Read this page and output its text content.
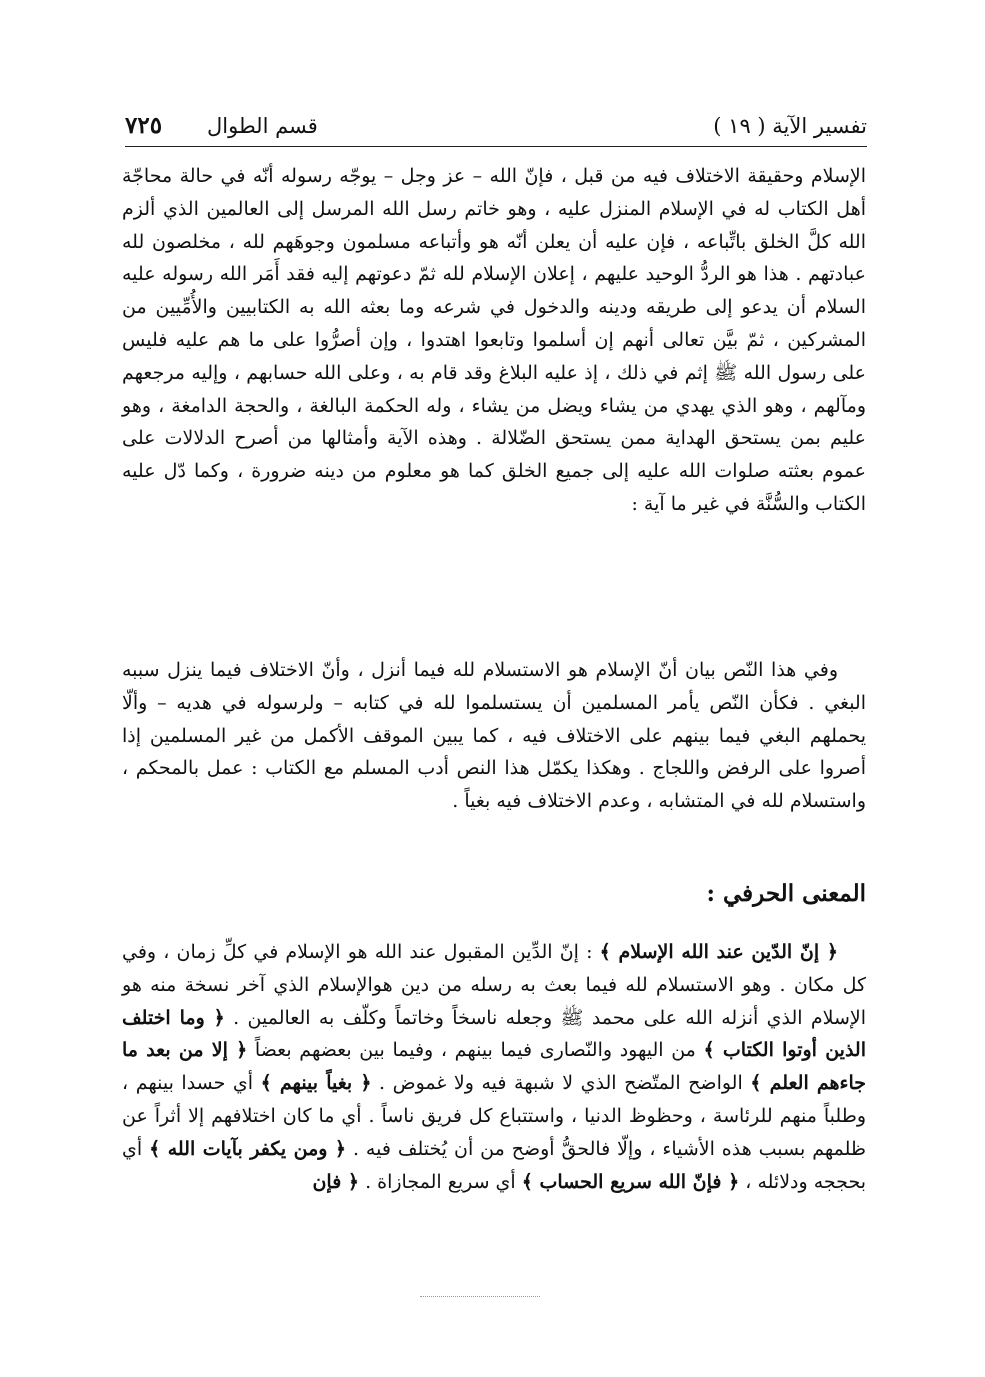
تفسير الآية ( ١٩ )
قسم الطوال
٧٢٥

الإسلام وحقيقة الاختلاف فيه من قبل ، فإنّ الله – عز وجل – يوجّه رسوله أنّه في حالة محاجّة أهل الكتاب له في الإسلام المنزل عليه ، وهو خاتم رسل الله المرسل إلى العالمين الذي ألزم الله كلَّ الخلق باتِّباعه ، فإن عليه أن يعلن أنّه هو وأتباعه مسلمون وجوهَهم لله ، مخلصون لله عبادتهم . هذا هو الردُّ الوحيد عليهم ، إعلان الإسلام لله ثمّ دعوتهم إليه فقد أَمَر الله رسوله عليه السلام أن يدعو إلى طريقه ودينه والدخول في شرعه وما بعثه الله به الكتابيين والأُمِّيين من المشركين ، ثمّ بيَّن تعالى أنهم إن أسلموا وتابعوا اهتدوا ، وإن أصرُّوا على ما هم عليه فليس على رسول الله ﷺ إثم في ذلك ، إذ عليه البلاغ وقد قام به ، وعلى الله حسابهم ، وإليه مرجعهم ومآلهم ، وهو الذي يهدي من يشاء ويضل من يشاء ، وله الحكمة البالغة ، والحجة الدامغة ، وهو عليم بمن يستحق الهداية ممن يستحق الضّلالة . وهذه الآية وأمثالها من أصرح الدلالات على عموم بعثته صلوات الله عليه إلى جميع الخلق كما هو معلوم من دينه ضرورة ، وكما دّل عليه الكتاب والسُّنَّة في غير ما آية :

وفي هذا النّص بيان أنّ الإسلام هو الاستسلام لله فيما أنزل ، وأنّ الاختلاف فيما ينزل سببه البغي . فكأن النّص يأمر المسلمين أن يستسلموا لله في كتابه – ولرسوله في هديه – وألّا يحملهم البغي فيما بينهم على الاختلاف فيه ، كما يبين الموقف الأكمل من غير المسلمين إذا أصروا على الرفض واللجاج . وهكذا يكمّل هذا النص أدب المسلم مع الكتاب : عمل بالمحكم ، واستسلام لله في المتشابه ، وعدم الاختلاف فيه بغياً .

المعنى الحرفي :

﴿ إنّ الدّين عند الله الإسلام ﴾ : إنّ الدِّين المقبول عند الله هو الإسلام في كلِّ زمان ، وفي كل مكان . وهو الاستسلام لله فيما بعث به رسله من دين هوالإسلام الذي آخر نسخة منه هو الإسلام الذي أنزله الله على محمد ﷺ وجعله ناسخاً وخاتماً وكلّف به العالمين . ﴿ وما اختلف الذين أوتوا الكتاب ﴾ من اليهود والنّصارى فيما بينهم ، وفيما بين بعضهم بعضاً ﴿ إلا من بعد ما جاءهم العلم ﴾ الواضح المتّضح الذي لا شبهة فيه ولا غموض . ﴿ بغياً بينهم ﴾ أي حسدا بينهم ، وطلباً منهم للرئاسة ، وحظوظ الدنيا ، واستتباع كل فريق ناساً . أي ما كان اختلافهم إلا أثراً عن ظلمهم بسبب هذه الأشياء ، وإلّا فالحقُّ أوضح من أن يُختلف فيه . ﴿ ومن يكفر بآيات الله ﴾ أي بحججه ودلائله ، ﴿ فإنّ الله سريع الحساب ﴾ أي سريع المجازاة . ﴿ فإن
